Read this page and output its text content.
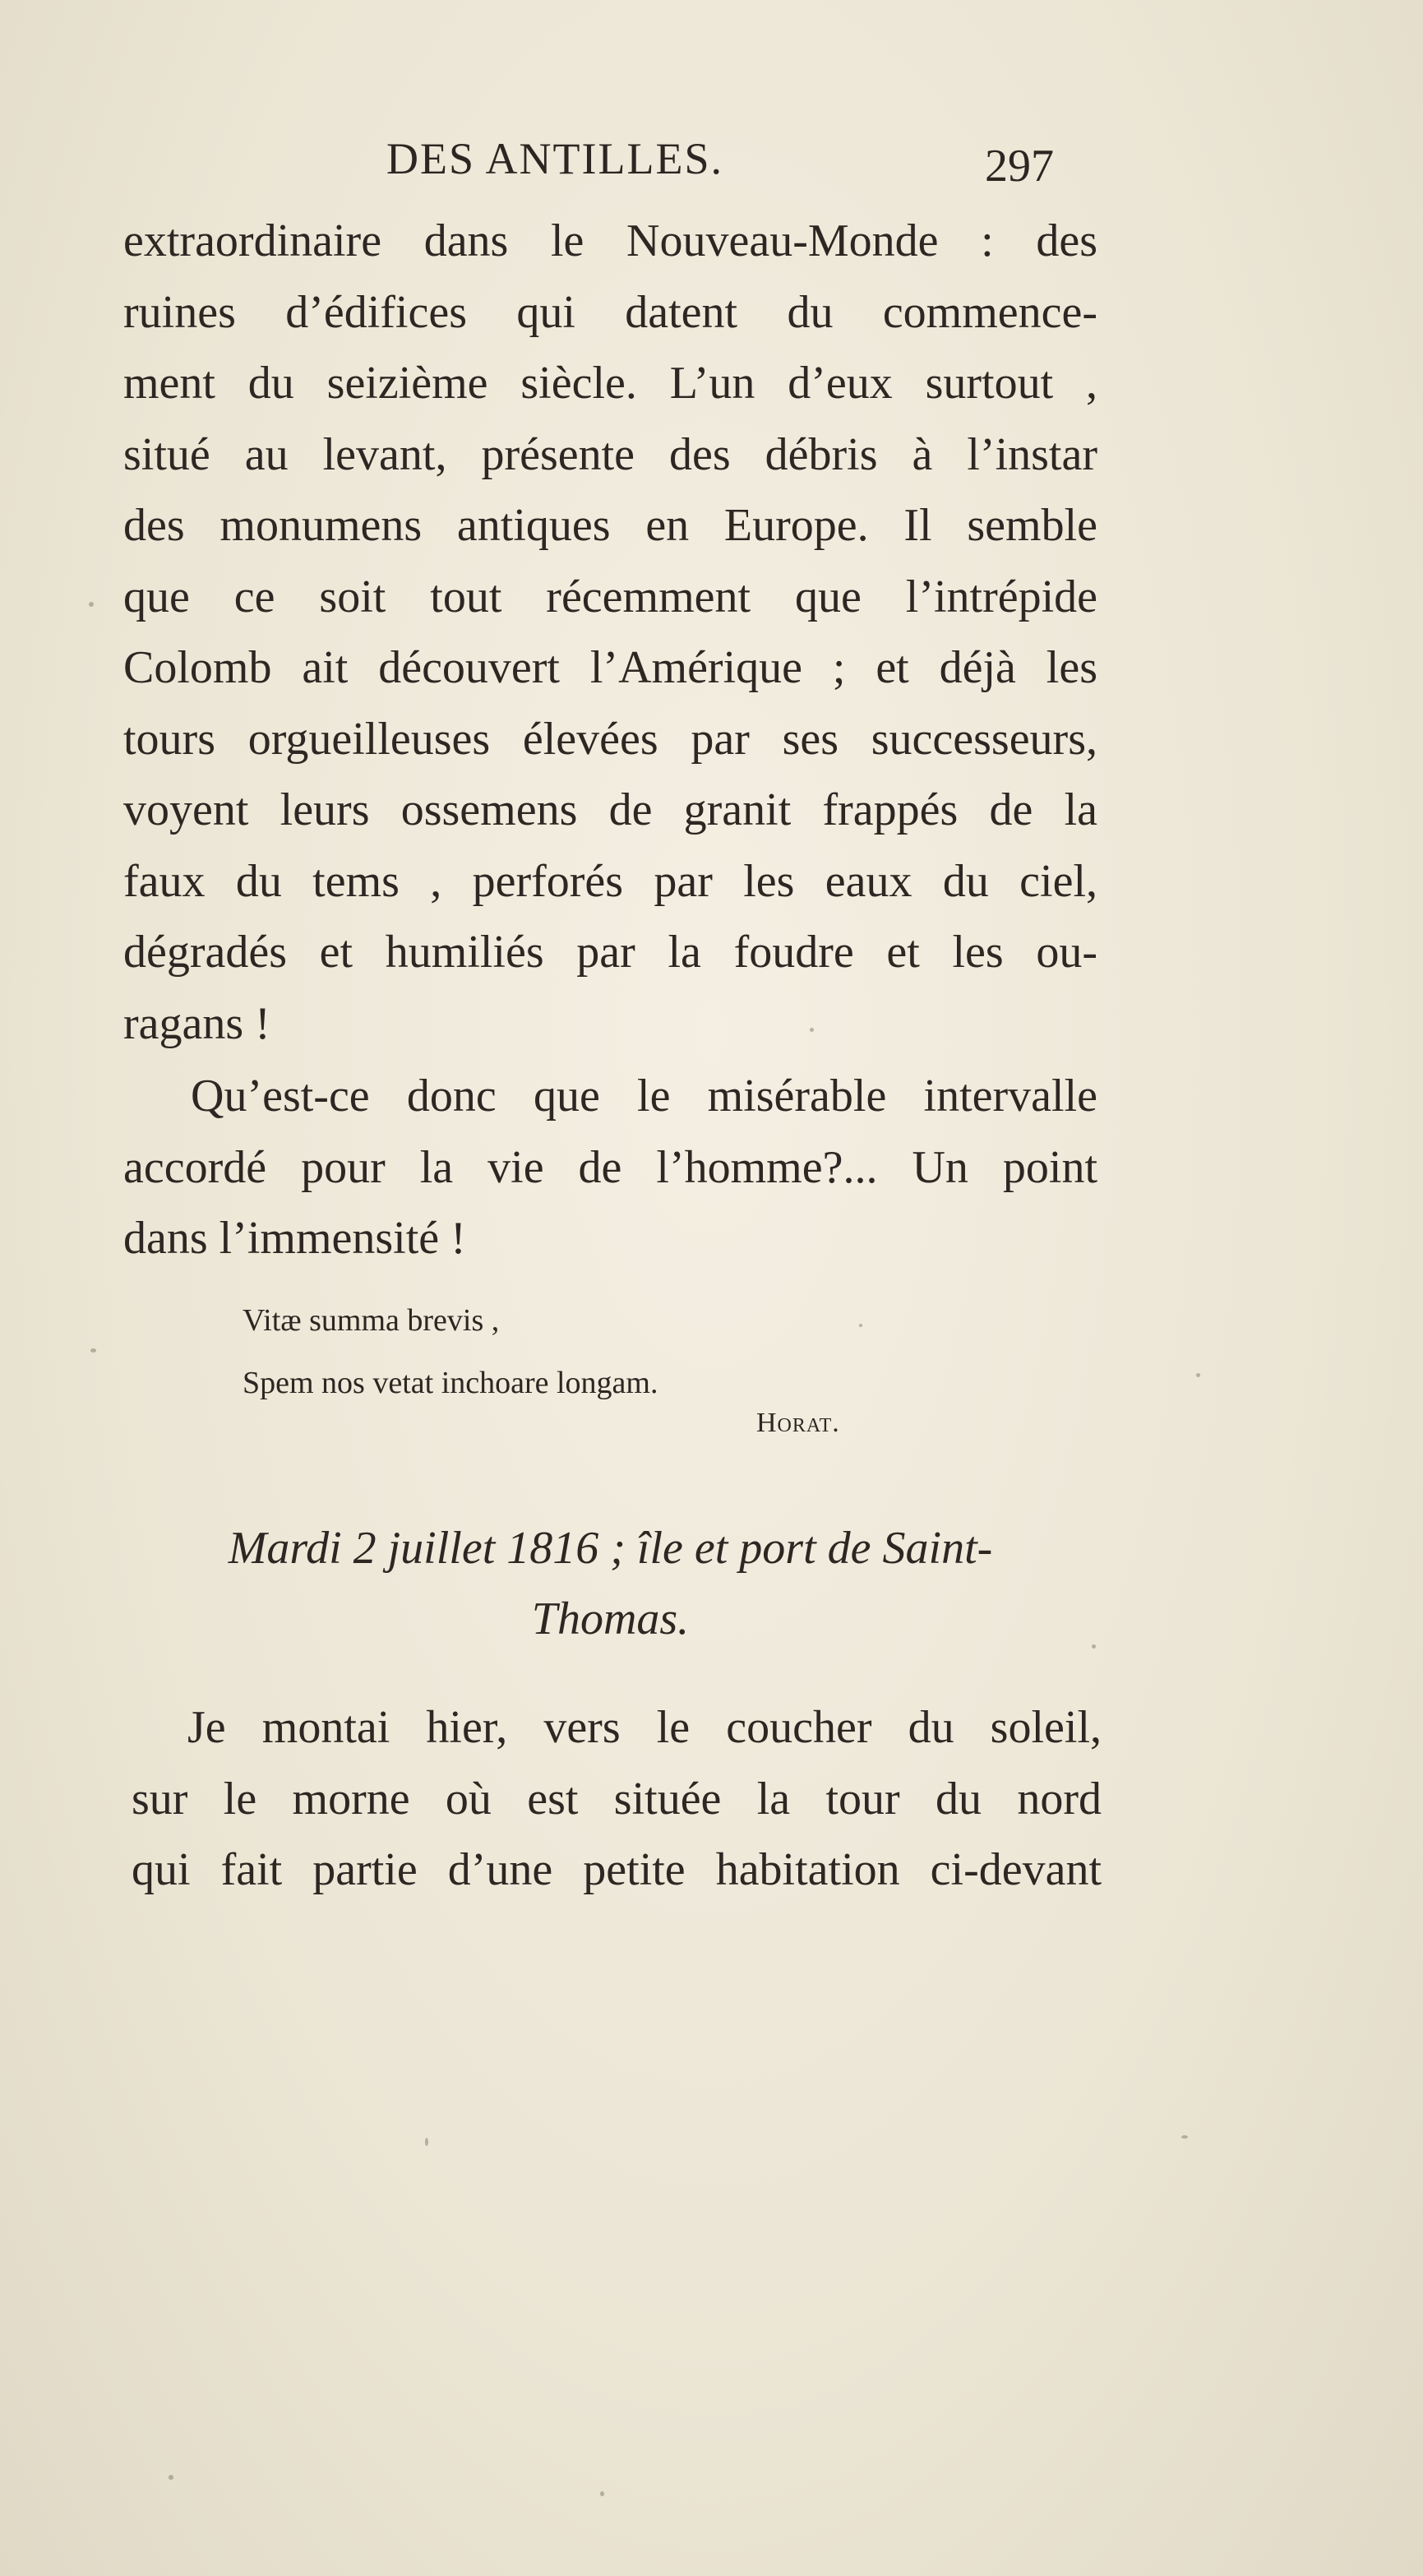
DES ANTILLES.	297
extraordinaire dans le Nouveau-Monde : des
ruines d’édifices qui datent du commence-
ment du seizième siècle. L’un d’eux surtout ,
situé au levant, présente des débris à l’instar
des monumens antiques en Europe. Il semble
que ce soit tout récemment que l’intrépide
Colomb ait découvert l’Amérique ; et déjà les
tours orgueilleuses élevées par ses successeurs,
voyent leurs ossemens de granit frappés de la
faux du tems , perforés par les eaux du ciel,
dégradés et humiliés par la foudre et les ou-
ragans !
Qu’est-ce donc que le misérable intervalle
accordé pour la vie de l’homme?... Un point
dans l’immensité !
Vitæ summa brevis ,
Spem nos vetat inchoare longam.
Horat.
Mardi 2 juillet 1816 ; île et port de Saint-
Thomas.
Je montai hier, vers le coucher du soleil,
sur le morne où est située la tour du nord
qui fait partie d’une petite habitation ci-devant
